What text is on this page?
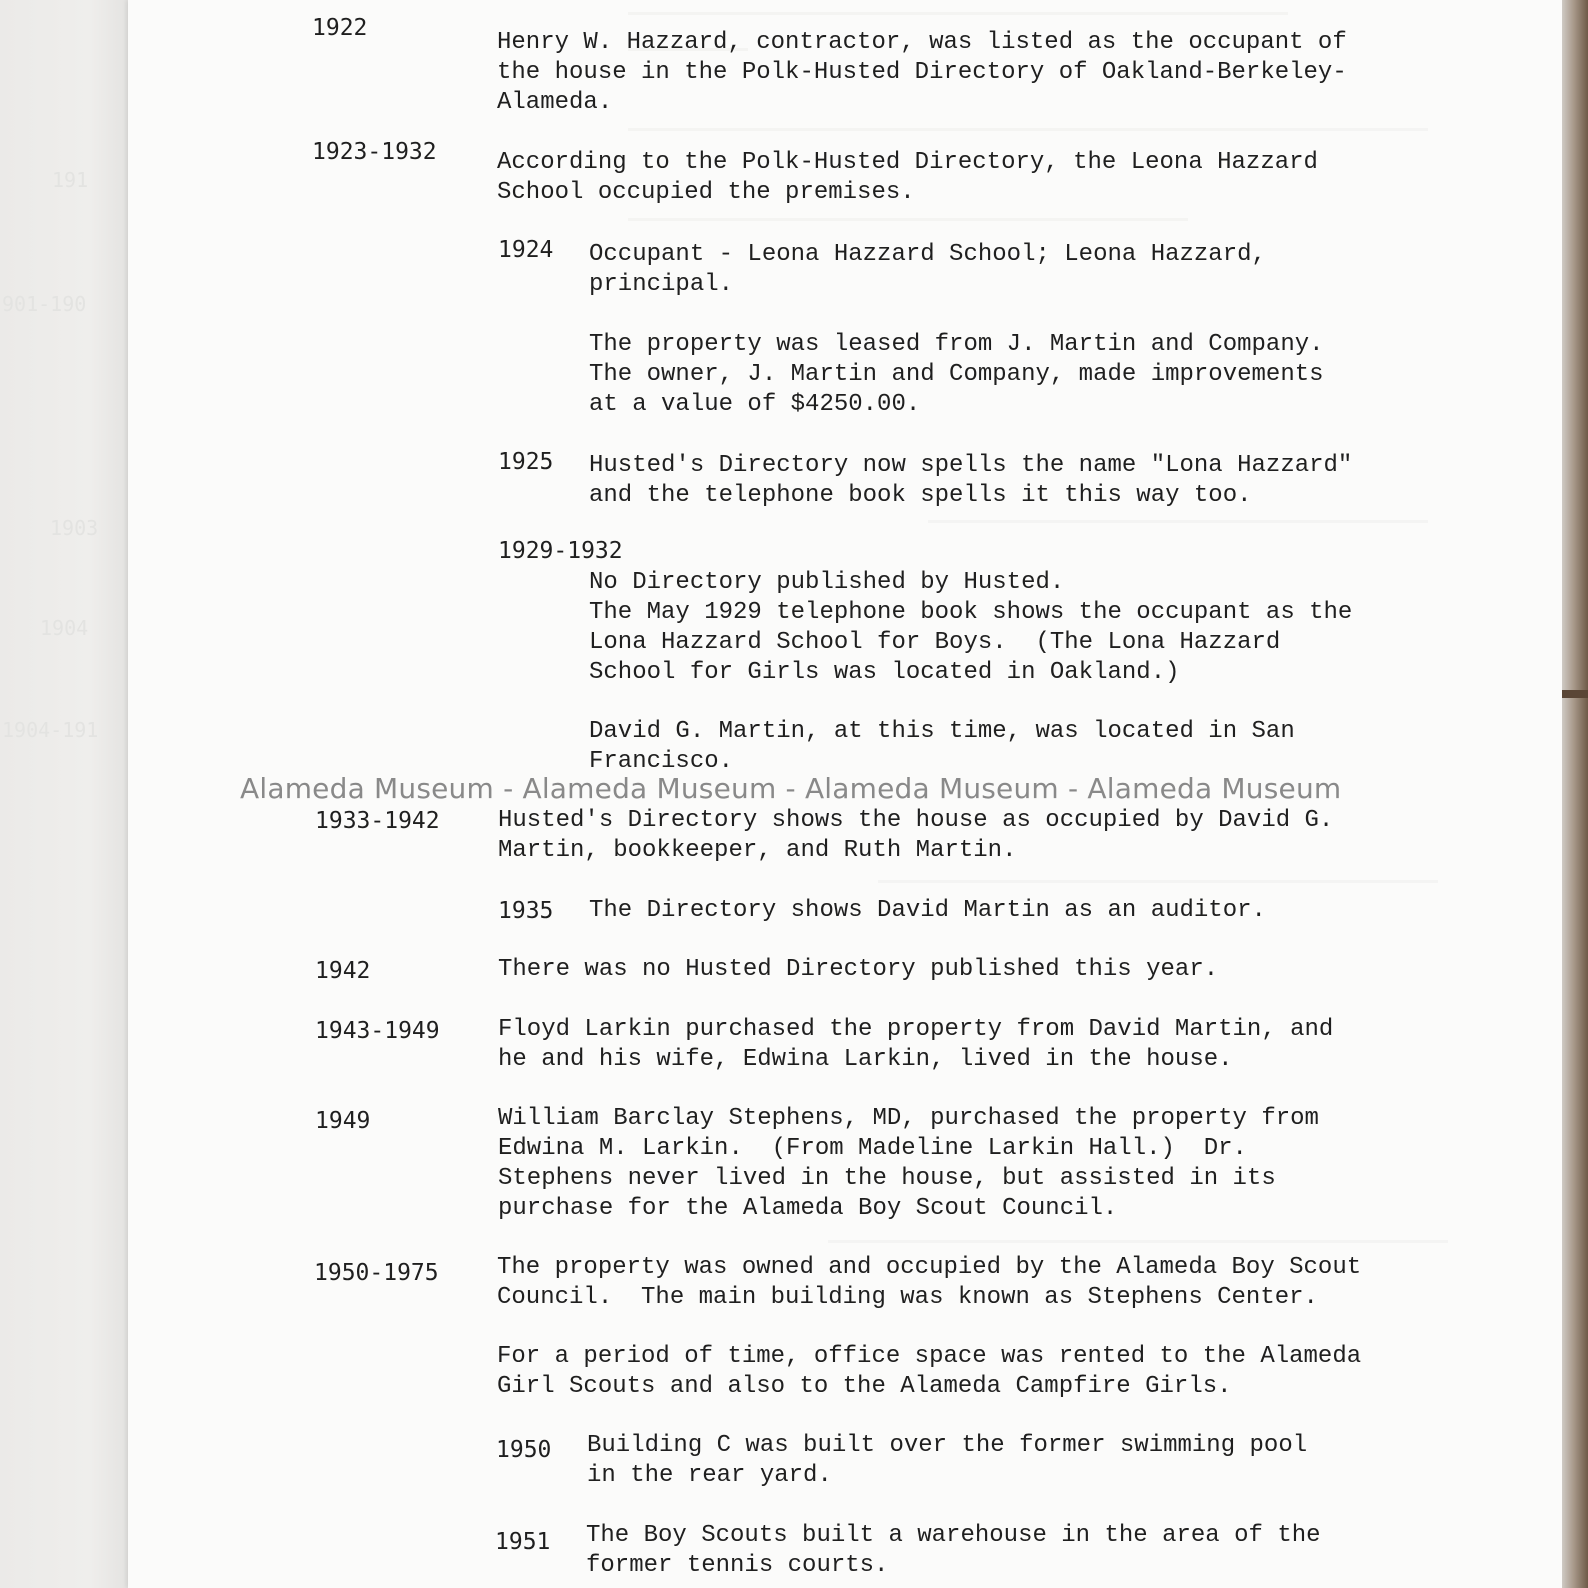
191
901-190
1903
1904
1904-191
1922
Henry W. Hazzard, contractor, was listed as the occupant of
the house in the Polk-Husted Directory of Oakland-Berkeley-
Alameda.
1923-1932	According to the Polk-Husted Directory, the Leona Hazzard
School occupied the premises.
1924 Occupant - Leona Hazzard School; Leona Hazzard,
principal.
The property was leased from J. Martin and Company.
The owner, J. Martin and Company, made improvements
at a value of $4250.00.
1925 Husted's Directory now spells the name "Lona Hazzard"
and the telephone book spells it this way too.
1929-1932
No Directory published by Husted.
The May 1929 telephone book shows the occupant as the
Lona Hazzard School for Boys.  (The Lona Hazzard
School for Girls was located in Oakland.)
David G. Martin, at this time, was located in San
Francisco.
1933-1942 Husted's Directory shows the house as occupied by David G.
Martin, bookkeeper, and Ruth Martin.
1935 The Directory shows David Martin as an auditor.
1942	There was no Husted Directory published this year.
1943-1949 Floyd Larkin purchased the property from David Martin, and
he and his wife, Edwina Larkin, lived in the house.
1949	William Barclay Stephens, MD, purchased the property from
Edwina M. Larkin.  (From Madeline Larkin Hall.)  Dr.
Stephens never lived in the house, but assisted in its
purchase for the Alameda Boy Scout Council.
1950-1975 The property was owned and occupied by the Alameda Boy Scout
Council.  The main building was known as Stephens Center.
For a period of time, office space was rented to the Alameda
Girl Scouts and also to the Alameda Campfire Girls.
1950 Building C was built over the former swimming pool
in the rear yard.
1951 The Boy Scouts built a warehouse in the area of the
former tennis courts.
Alameda Museum - Alameda Museum - Alameda Museum - Alameda Museum
